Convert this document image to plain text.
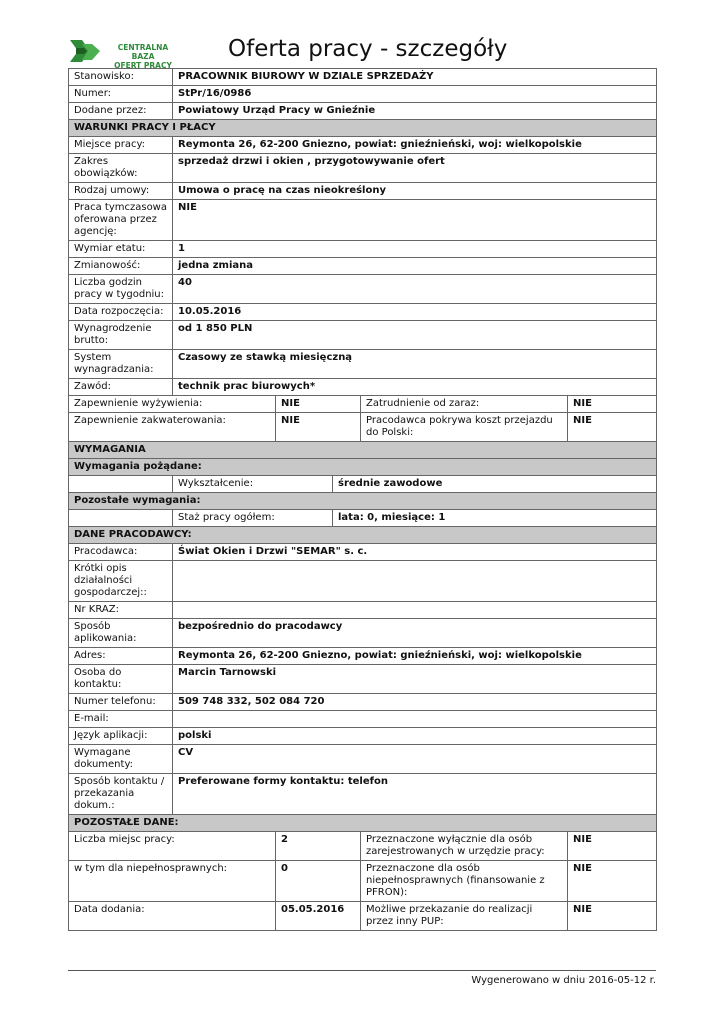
CENTRALNA BAZA
OFERT PRACY
Oferta pracy - szczegóły
Stanowisko:	PRACOWNIK BIUROWY W DZIALE SPRZEDAŻY				
Numer:	StPr/16/0986				
Dodane przez:	Powiatowy Urząd Pracy w Gnieźnie				
WARUNKI PRACY I PŁACY					
Miejsce pracy:	Reymonta 26, 62-200 Gniezno, powiat: gnieźnieński, woj: wielkopolskie				
Zakres obowiązków:	sprzedaż drzwi i okien , przygotowywanie ofert				
Rodzaj umowy:	Umowa o pracę na czas nieokreślony				
Praca tymczasowa oferowana przez agencję:	NIE				
Wymiar etatu:	1				
Zmianowość:	jedna zmiana				
Liczba godzin pracy w tygodniu:	40				
Data rozpoczęcia:	10.05.2016				
Wynagrodzenie brutto:	od 1 850 PLN				
System wynagradzania:	Czasowy ze stawką miesięczną				
Zawód:	technik prac biurowych*				
Zapewnienie wyżywienia:		NIE		Zatrudnienie od zaraz:	NIE
Zapewnienie zakwaterowania:		NIE		Pracodawca pokrywa koszt przejazdu do Polski:	NIE
WYMAGANIA					
Wymagania pożądane:					
	Wykształcenie:		średnie zawodowe		
Pozostałe wymagania:					
	Staż pracy ogółem:		lata: 0, miesiące: 1		
DANE PRACODAWCY:					
Pracodawca:	Świat Okien i Drzwi "SEMAR" s. c.				
Krótki opis działalności gospodarczej::					
Nr KRAZ:					
Sposób aplikowania:	bezpośrednio do pracodawcy				
Adres:	Reymonta 26, 62-200 Gniezno, powiat: gnieźnieński, woj: wielkopolskie				
Osoba do kontaktu:	Marcin Tarnowski				
Numer telefonu:	509 748 332, 502 084 720				
E-mail:					
Język aplikacji:	polski				
Wymagane dokumenty:	CV				
Sposób kontaktu / przekazania dokum.:	Preferowane formy kontaktu: telefon				
POZOSTAŁE DANE:					
Liczba miejsc pracy:		2		Przeznaczone wyłącznie dla osób zarejestrowanych w urzędzie pracy:	NIE
w tym dla niepełnosprawnych:		0		Przeznaczone dla osób niepełnosprawnych (finansowanie z PFRON):	NIE
Data dodania:		05.05.2016		Możliwe przekazanie do realizacji przez inny PUP:	NIE
Wygenerowano w dniu 2016-05-12 r.
